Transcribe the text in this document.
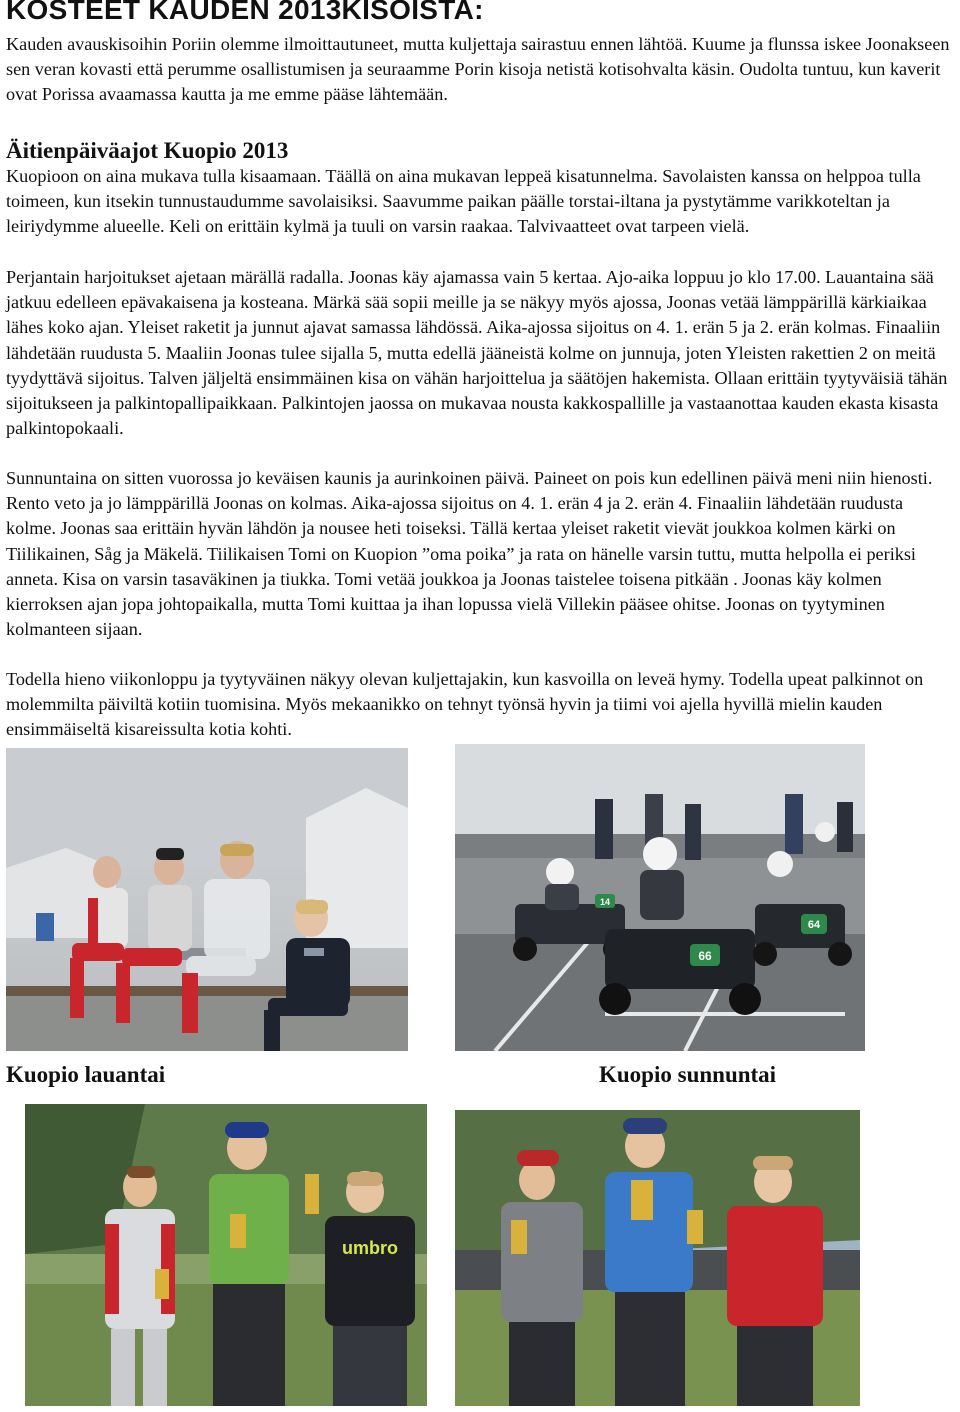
KOSTEET KAUDEN 2013KISOISTA:

Kauden avauskisoihin Poriin olemme ilmoittautuneet, mutta kuljettaja sairastuu ennen lähtöä. Kuume ja flunssa iskee Joonakseen sen veran kovasti että perumme osallistumisen ja seuraamme Porin kisoja netistä kotisohvalta käsin. Oudolta tuntuu, kun kaverit ovat Porissa avaamassa kautta ja me emme pääse lähtemään.

Äitienpäiväajot Kuopio 2013

Kuopioon on aina mukava tulla kisaamaan. Täällä on aina mukavan leppeä kisatunnelma. Savolaisten kanssa on helppoa tulla toimeen, kun itsekin tunnustaudumme savolaisiksi. Saavumme paikan päälle torstai-iltana ja pystytämme varikkoteltan ja leiriydymme alueelle. Keli on erittäin kylmä ja tuuli on varsin raakaa. Talvivaatteet ovat tarpeen vielä.

Perjantain harjoitukset ajetaan märällä radalla. Joonas käy ajamassa vain 5 kertaa. Ajo-aika loppuu jo klo 17.00. Lauantaina sää jatkuu edelleen epävakaisena ja kosteana. Märkä sää sopii meille ja se näkyy myös ajossa, Joonas vetää lämppärillä kärkiaikaa lähes koko ajan. Yleiset raketit ja junnut ajavat samassa lähdössä. Aika-ajossa sijoitus on 4. 1. erän 5 ja 2. erän kolmas. Finaaliin lähdetään ruudusta 5. Maaliin Joonas tulee sijalla 5, mutta edellä jääneistä kolme on junnuja, joten Yleisten rakettien 2 on meitä tyydyttävä sijoitus. Talven jäljeltä ensimmäinen kisa on vähän harjoittelua ja säätöjen hakemista. Ollaan erittäin tyytyväisiä tähän sijoitukseen ja palkintopallipaikkaan. Palkintojen jaossa on mukavaa nousta kakkospallille ja vastaanottaa kauden ekasta kisasta palkintopokaali.

Sunnuntaina on sitten vuorossa jo keväisen kaunis ja aurinkoinen päivä. Paineet on pois kun edellinen päivä meni niin hienosti. Rento veto ja jo lämppärillä Joonas on kolmas. Aika-ajossa sijoitus on 4. 1. erän 4 ja 2. erän 4. Finaaliin lähdetään ruudusta kolme. Joonas saa erittäin hyvän lähdön ja nousee heti toiseksi. Tällä kertaa yleiset raketit vievät joukkoa kolmen kärki on Tiilikainen, Såg ja Mäkelä. Tiilikaisen Tomi on Kuopion ”oma poika” ja rata on hänelle varsin tuttu, mutta helpolla ei periksi anneta. Kisa on varsin tasaväkinen ja tiukka. Tomi vetää joukkoa ja Joonas taistelee toisena pitkään . Joonas käy kolmen kierroksen ajan jopa johtopaikalla, mutta Tomi kuittaa ja ihan lopussa vielä Villekin pääsee ohitse. Joonas on tyytyminen kolmanteen sijaan.

Todella hieno viikonloppu ja tyytyväinen näkyy olevan kuljettajakin, kun kasvoilla on leveä hymy. Todella upeat palkinnot on molemmilta päiviltä kotiin tuomisina. Myös mekaanikko on tehnyt työnsä hyvin ja tiimi voi ajella hyvillä mielin kauden ensimmäiseltä kisareissulta kotia kohti.

66
64
14

Kuopio lauantai	Kuopio sunnuntai

umbro
